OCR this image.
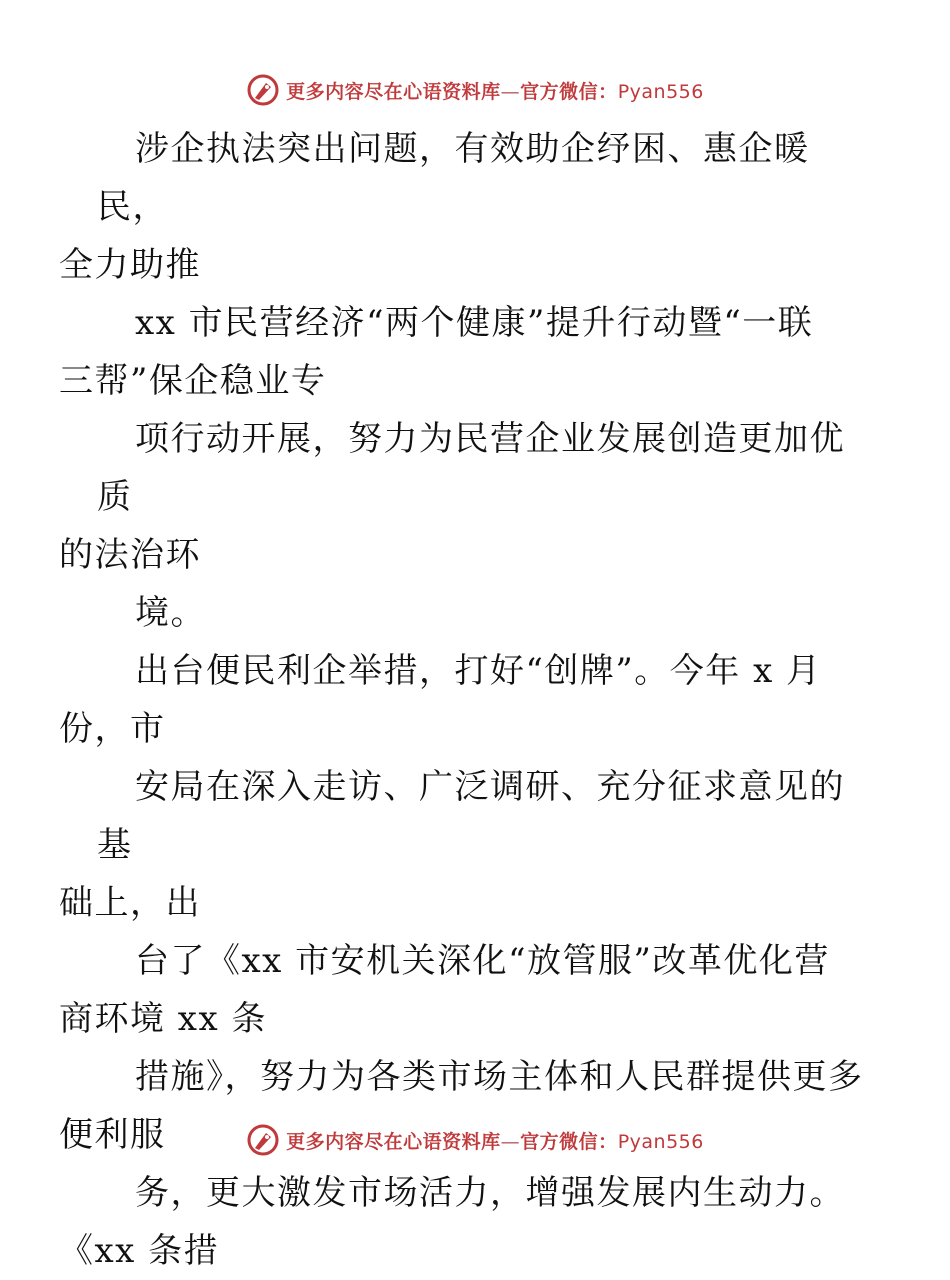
更多内容尽在心语资料库—官方微信：Pyan556

涉企执法突出问题，有效助企纾困、惠企暖民，
全力助推

xx 市民营经济“两个健康”提升行动暨“一联
三帮”保企稳业专

项行动开展，努力为民营企业发展创造更加优质
的法治环

境。

出台便民利企举措，打好“创牌”。今年 x 月
份，市

安局在深入走访、广泛调研、充分征求意见的基
础上，出

台了《xx 市安机关深化“放管服”改革优化营
商环境 xx 条

措施》，努力为各类市场主体和人民群提供更多
便利服

务，更大激发市场活力，增强发展内生动力。
《xx 条措

更多内容尽在心语资料库—官方微信：Pyan556
